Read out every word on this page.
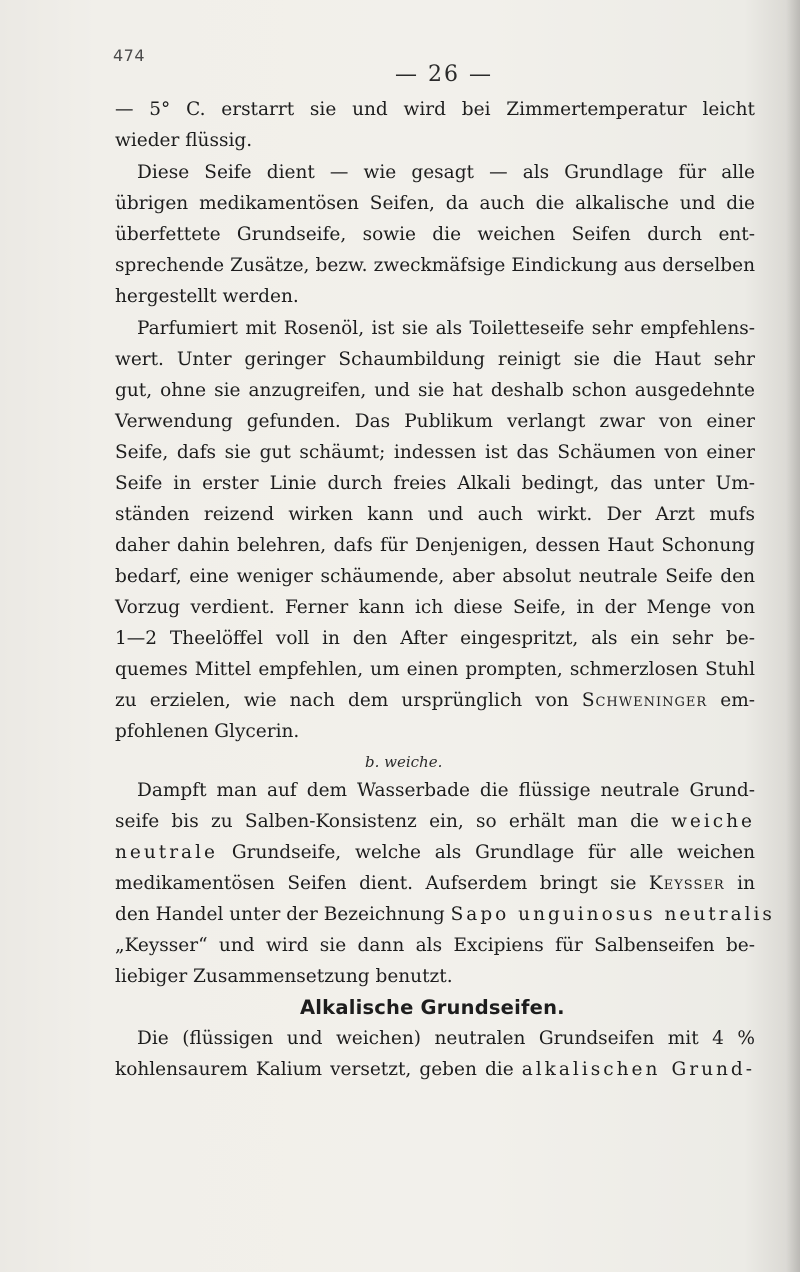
474
— 26 —
— 5° C. erstarrt sie und wird bei Zimmertemperatur leicht
wieder flüssig.
Diese Seife dient — wie gesagt — als Grundlage für alle
übrigen medikamentösen Seifen, da auch die alkalische und die
überfettete Grundseife, sowie die weichen Seifen durch ent-
sprechende Zusätze, bezw. zweckmäfsige Eindickung aus derselben
hergestellt werden.
Parfumiert mit Rosenöl, ist sie als Toiletteseife sehr empfehlens-
wert. Unter geringer Schaumbildung reinigt sie die Haut sehr
gut, ohne sie anzugreifen, und sie hat deshalb schon ausgedehnte
Verwendung gefunden. Das Publikum verlangt zwar von einer
Seife, dafs sie gut schäumt; indessen ist das Schäumen von einer
Seife in erster Linie durch freies Alkali bedingt, das unter Um-
ständen reizend wirken kann und auch wirkt. Der Arzt mufs
daher dahin belehren, dafs für Denjenigen, dessen Haut Schonung
bedarf, eine weniger schäumende, aber absolut neutrale Seife den
Vorzug verdient. Ferner kann ich diese Seife, in der Menge von
1—2 Theelöffel voll in den After eingespritzt, als ein sehr be-
quemes Mittel empfehlen, um einen prompten, schmerzlosen Stuhl
zu erzielen, wie nach dem ursprünglich von Schweninger em-
pfohlenen Glycerin.
b. weiche.
Dampft man auf dem Wasserbade die flüssige neutrale Grund-
seife bis zu Salben-Konsistenz ein, so erhält man die weiche
neutrale Grundseife, welche als Grundlage für alle weichen
medikamentösen Seifen dient. Aufserdem bringt sie Keysser in
den Handel unter der Bezeichnung Sapo unguinosus neutralis
„Keysser“ und wird sie dann als Excipiens für Salbenseifen be-
liebiger Zusammensetzung benutzt.
Alkalische Grundseifen.
Die (flüssigen und weichen) neutralen Grundseifen mit 4 %
kohlensaurem Kalium versetzt, geben die alkalischen Grund-
